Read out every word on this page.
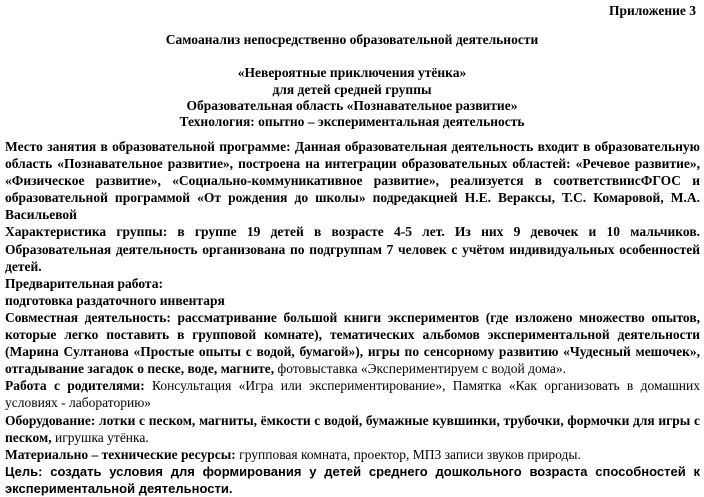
Приложение 3
Самоанализ непосредственно образовательной деятельности
«Невероятные приключения утёнка»
для детей средней группы
Образовательная область «Познавательное развитие»
Технология: опытно – экспериментальная деятельность

Место занятия в образовательной программе: Данная образовательная деятельность входит в образовательную область «Познавательное развитие», построена на интеграции образовательных областей: «Речевое развитие», «Физическое развитие», «Социально-коммуникативное развитие», реализуется в соответствиисФГОС и образовательной программой «От рождения до школы» подредакцией Н.Е. Веракcы, Т.С. Комаровой, М.А. Васильевой

Характеристика группы: в группе 19 детей в возрасте 4-5 лет. Из них 9 девочек и 10 мальчиков. Образовательная деятельность организована по подгруппам 7 человек с учётом индивидуальных особенностей детей.

Предварительная работа:

подготовка раздаточного инвентаря

Совместная деятельность: рассматривание большой книги экспериментов (где изложено множество опытов, которые легко поставить в групповой комнате), тематических альбомов экспериментальной деятельности (Марина Султанова «Простые опыты с водой, бумагой»), игры по сенсорному развитию «Чудесный мешочек», отгадывание загадок о песке, воде, магните, фотовыставка «Экспериментируем с водой дома».

Работа с родителями: Консультация «Игра или экспериментирование», Памятка «Как организовать в домашних условиях - лабораторию»

Оборудование: лотки с песком, магниты, ёмкости с водой, бумажные кувшинки, трубочки, формочки для игры с песком, игрушка утёнка.

Материально – технические ресурсы: групповая комната, проектор, МП3 записи звуков природы.

Цель: создать условия для формирования у детей среднего дошкольного возраста способностей к экспериментальной деятельности.
